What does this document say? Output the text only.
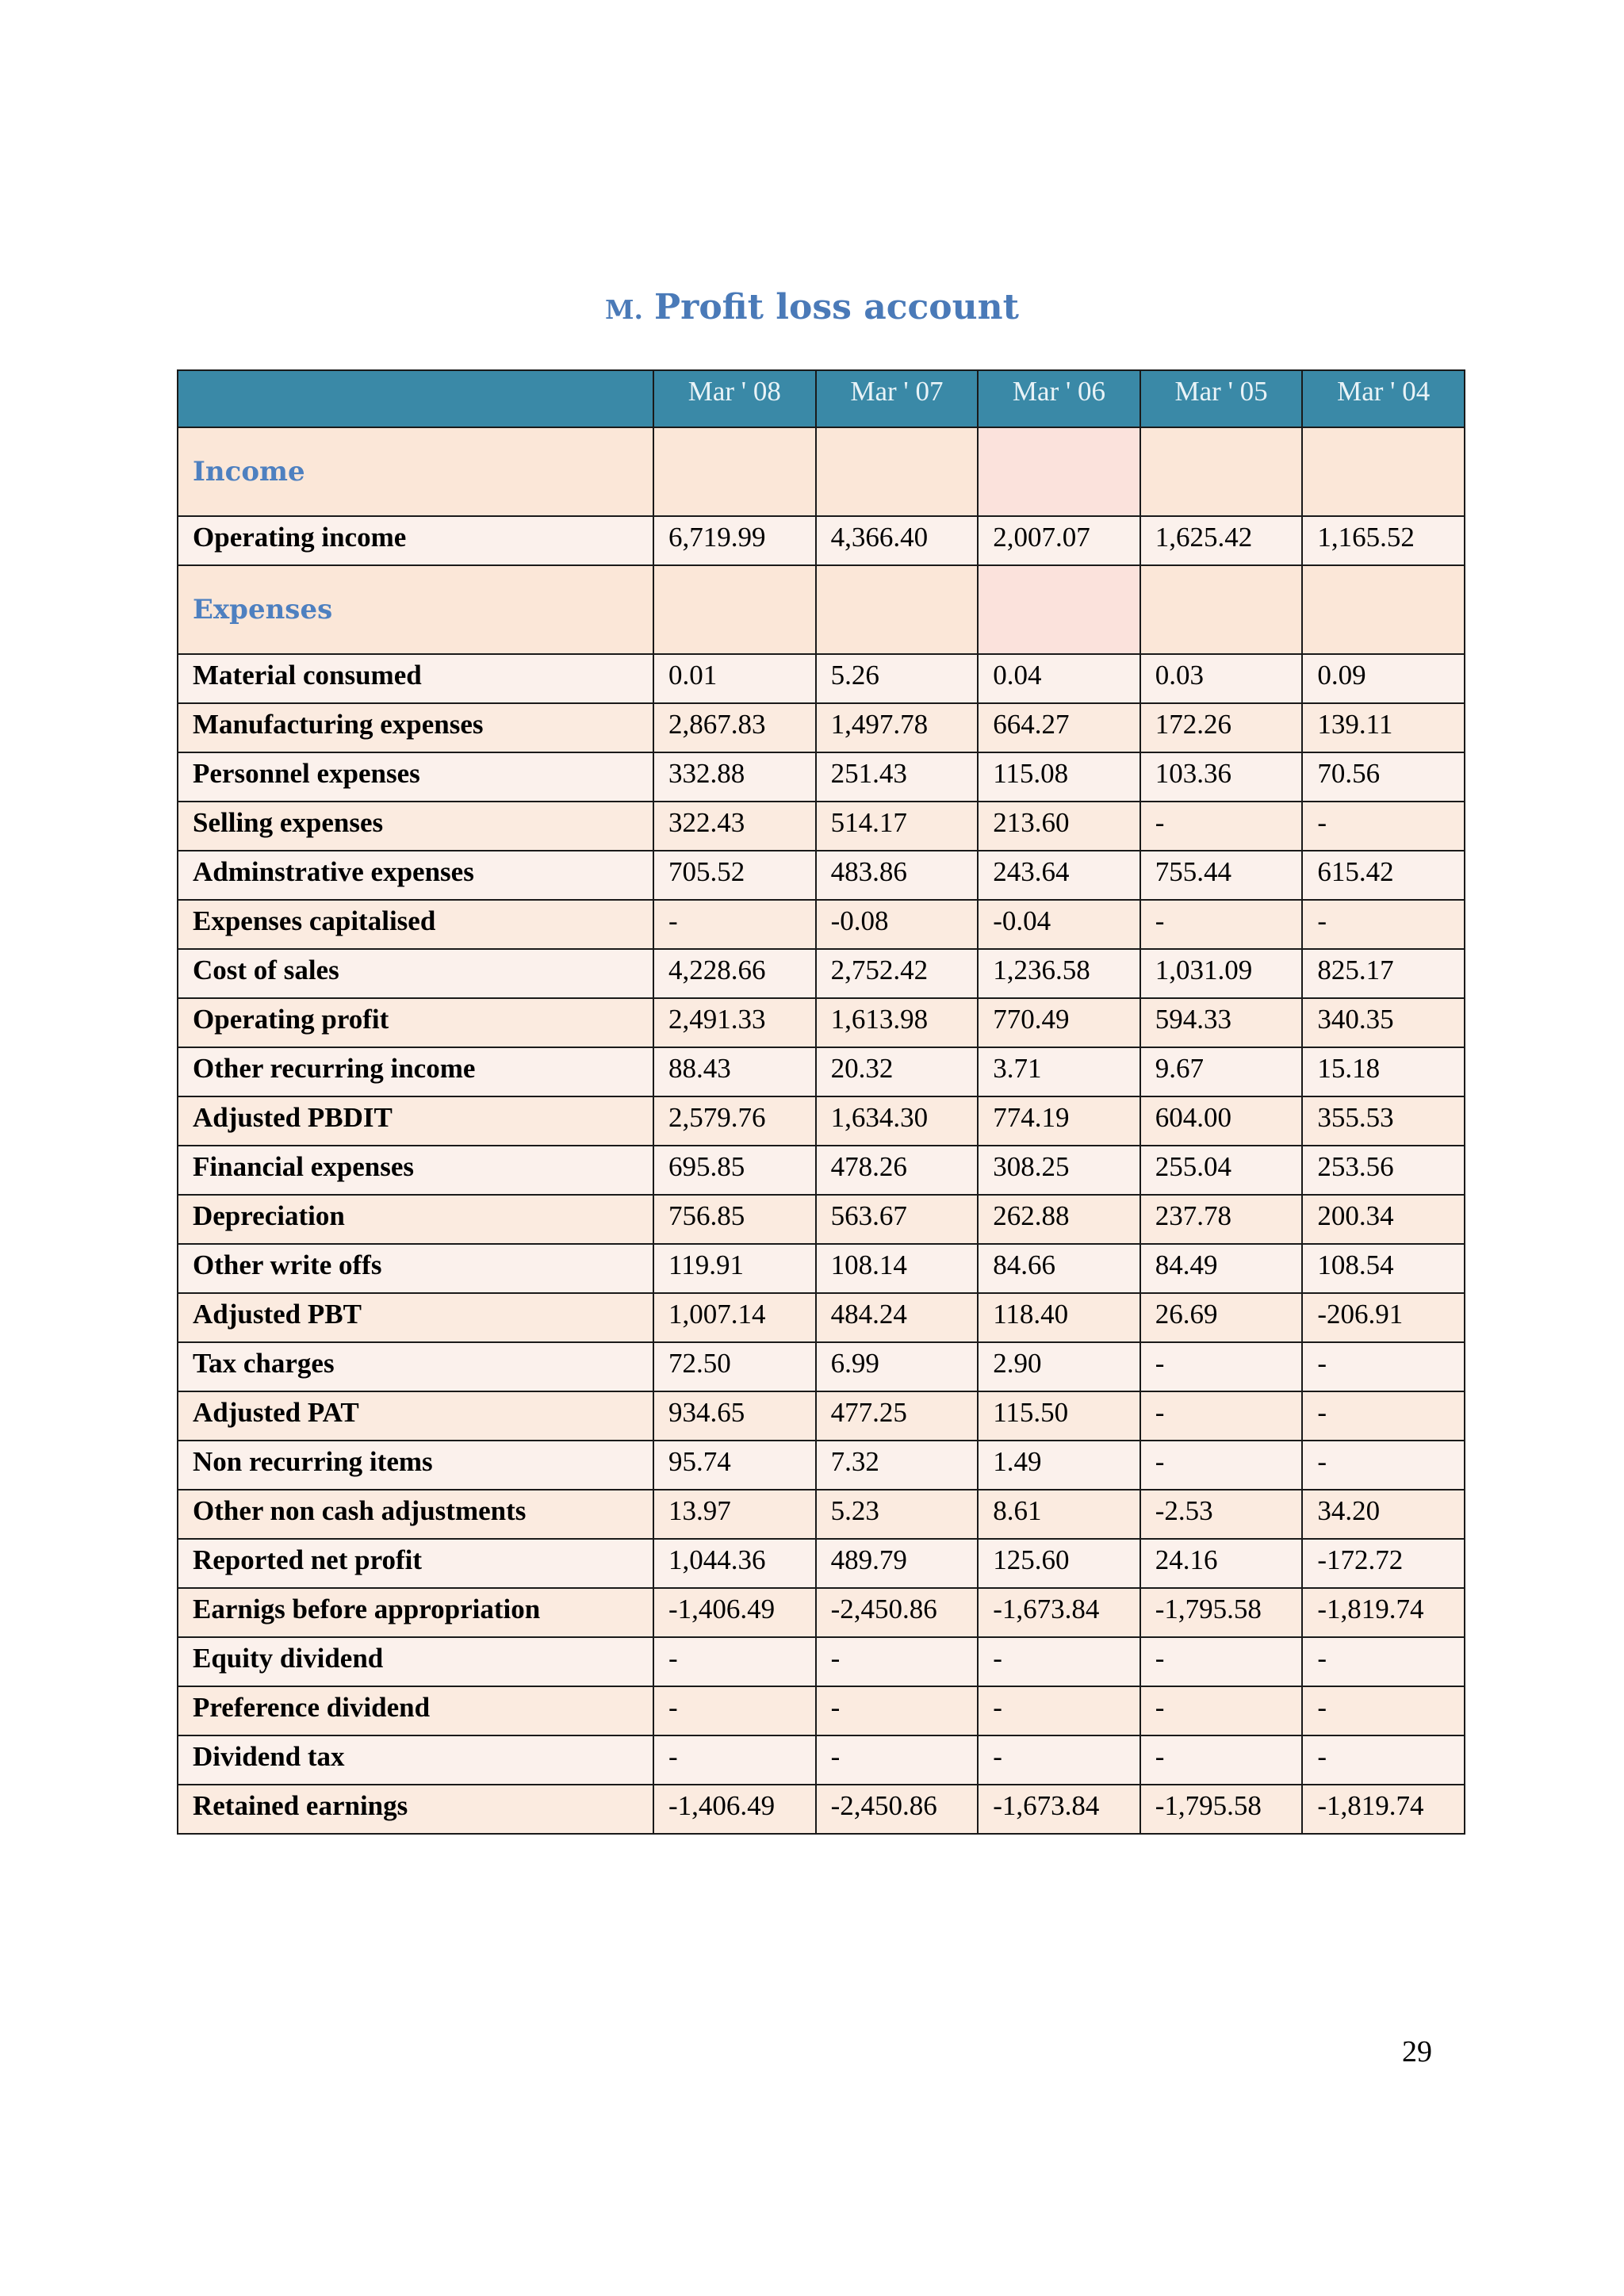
M. Profit loss account
	Mar ' 08	Mar ' 07	Mar ' 06	Mar ' 05	Mar ' 04
Income					
Operating income	6,719.99	4,366.40	2,007.07	1,625.42	1,165.52
Expenses					
Material consumed	0.01	5.26	0.04	0.03	0.09
Manufacturing expenses	2,867.83	1,497.78	664.27	172.26	139.11
Personnel expenses	332.88	251.43	115.08	103.36	70.56
Selling expenses	322.43	514.17	213.60	-	-
Adminstrative expenses	705.52	483.86	243.64	755.44	615.42
Expenses capitalised	-	-0.08	-0.04	-	-
Cost of sales	4,228.66	2,752.42	1,236.58	1,031.09	825.17
Operating profit	2,491.33	1,613.98	770.49	594.33	340.35
Other recurring income	88.43	20.32	3.71	9.67	15.18
Adjusted PBDIT	2,579.76	1,634.30	774.19	604.00	355.53
Financial expenses	695.85	478.26	308.25	255.04	253.56
Depreciation	756.85	563.67	262.88	237.78	200.34
Other write offs	119.91	108.14	84.66	84.49	108.54
Adjusted PBT	1,007.14	484.24	118.40	26.69	-206.91
Tax charges	72.50	6.99	2.90	-	-
Adjusted PAT	934.65	477.25	115.50	-	-
Non recurring items	95.74	7.32	1.49	-	-
Other non cash adjustments	13.97	5.23	8.61	-2.53	34.20
Reported net profit	1,044.36	489.79	125.60	24.16	-172.72
Earnigs before appropriation	-1,406.49	-2,450.86	-1,673.84	-1,795.58	-1,819.74
Equity dividend	-	-	-	-	-
Preference dividend	-	-	-	-	-
Dividend tax	-	-	-	-	-
Retained earnings	-1,406.49	-2,450.86	-1,673.84	-1,795.58	-1,819.74
29
